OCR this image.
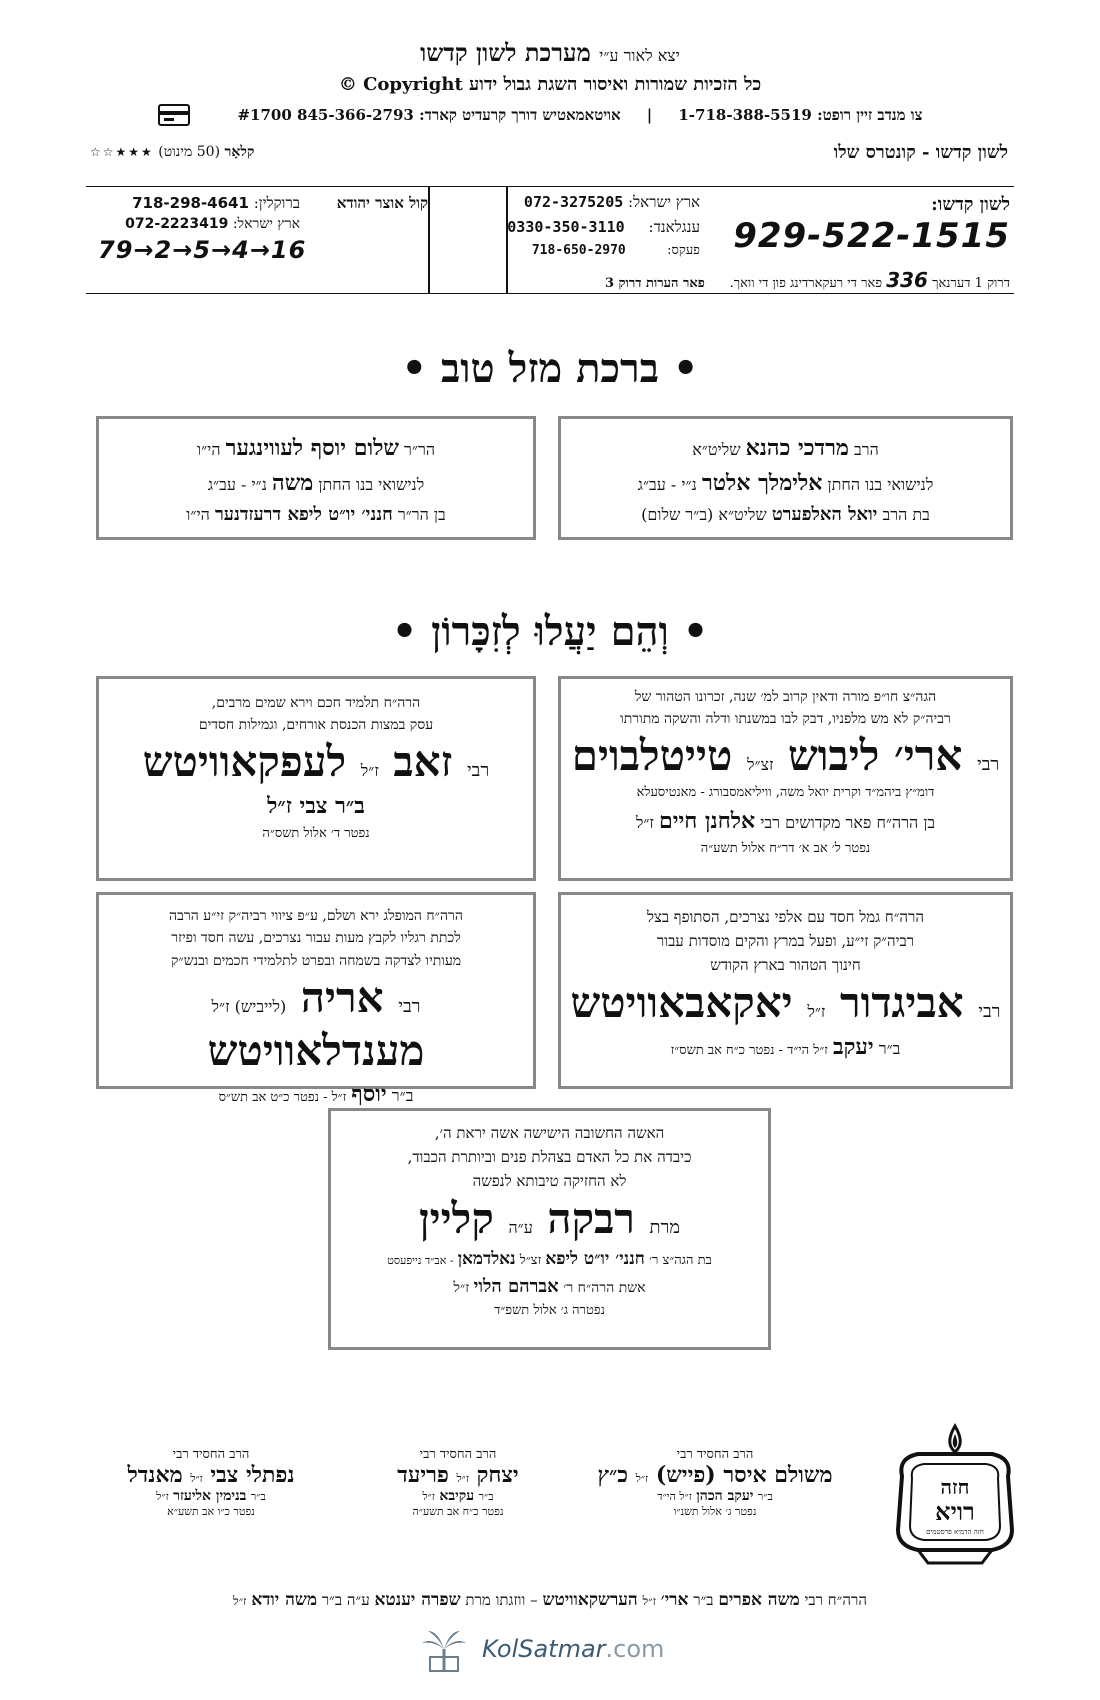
יצא לאור ע״י מערכת לשון קדשו
כל הזכיות שמורות ואיסור השגת גבול ידוע Copyright ©
צו מנדב זיין רופט: 1-718-388-5519     |     אויטאמאטיש דורך קרעדיט קארד: 845-366-2793 #1700
לשון קדשו - קונטרס שלו
קלאָר (50 מינוט) ★★★☆☆
לשון קדשו:
929-522-1515
דרוק 1 דערנאך 336 פאר די רעקארדינג פון די וואך.      פאר הערות דרוק 3
ארץ ישראל: 072-3275205
ענגלאנד:     0330-350-3110
פעקס:          718-650-2970
קול אוצר יהודא
ברוקלין: 718-298-4641
ארץ ישראל: 072-2223419
79→2→5→4→16
• ברכת מזל טוב •
הרב מרדכי כהנא שליט״א
לנישואי בנו החתן אלימלך אלטר נ״י - עב״ג
בת הרב יואל האלפערט שליט״א (ב״ר שלום)
הר״ר שלום יוסף לעווינגער הי״ו
לנישואי בנו החתן משה נ״י - עב״ג
בן הר״ר חנני׳ יו״ט ליפא דרעזדנער הי״ו
• וְהֵם יַעֲלוּ לְזִכָּרוֹן •
הגה״צ חו״פ מורה ודאין קרוב למ׳ שנה, זכרונו הטהור של
רביה״ק לא מש מלפניו, דבק לבו במשנתו ודלה והשקה מתורתו
רבי ארי׳ ליבוש זצ״ל טייטלבוים
דומ״ץ ביהמ״ד וקרית יואל משה, וויליאמסבורג - מאנטיסעלא
בן הרה״ח פאר מקדושים רבי אלחנן חיים ז״ל
נפטר ל׳ אב א׳ דר״ח אלול תשע״ה
הרה״ח תלמיד חכם וירא שמים מרבים,
עסק במצות הכנסת אורחים, וגמילות חסדים
רבי זאב ז״ל לעפקאוויטש
ב״ר צבי ז״ל
נפטר ד׳ אלול תשס״ה
הרה״ח גמל חסד עם אלפי נצרכים, הסתופף בצל
רביה״ק זי״ע, ופעל במרץ והקים מוסדות עבור
חינוך הטהור בארץ הקודש
רבי אביגדור ז״ל יאקאבאוויטש
ב״ר יעקב ז״ל הי״ד - נפטר כ״ח אב תשס״ז
הרה״ח המופלג ירא ושלם, ע״פ ציווי רביה״ק זי״ע הרבה
לכתת רגליו לקבץ מעות עבור נצרכים, עשה חסד ופיזר
מעותיו לצדקה בשמחה ובפרט לתלמידי חכמים ובנש״ק
רבי אריה (לייביש) ז״ל מענדלאוויטש
ב״ר יוסף ז״ל - נפטר כ״ט אב תש״ס
האשה החשובה הישישה אשה יראת ה׳,
כיבדה את כל האדם בצהלת פנים וביותרת הכבוד,
לא החזיקה טיבותא לנפשה
מרת רבקה ע״ה קליין
בת הגה״צ ר׳ חנני׳ יו״ט ליפא זצ״ל נאלדמאן - אב״ד נייפעסט
אשת הרה״ח ר׳ אברהם הלוי ז״ל
נפטרה ג׳ אלול תשפ״ד
הרב החסיד רבי
משולם איסר (פייש) ז״ל כ״ץ
ב״ר יעקב הכהן ז״ל הי״ד
נפטר ג׳ אלול תשנ״ו
הרב החסיד רבי
יצחק ז״ל פריעד
ב״ר עקיבא ז״ל
נפטר כ״ח אב תשע״ה
הרב החסיד רבי
נפתלי צבי ז״ל מאנדל
ב״ר בנימין אליעזר ז״ל
נפטר כ״ו אב תשע״א
חזה
רויא
חזה הדמיא פרסטמים
הרה״ח רבי משה אפרים ב״ר ארי׳ ז״ל הערשקאוויטש – ווזגתו מרת שפרה יענטא ע״ה ב״ר משה יודא ז״ל
KolSatmar.com
